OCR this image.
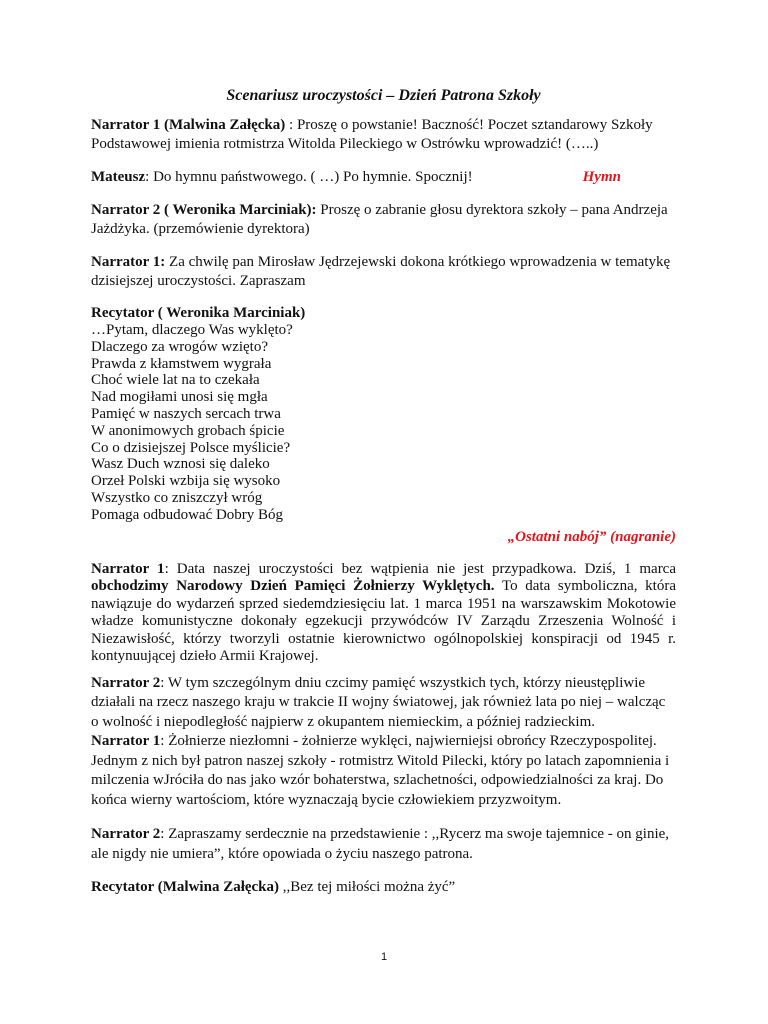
Scenariusz uroczystości – Dzień Patrona Szkoły

Narrator 1 (Malwina Załęcka) : Proszę o powstanie! Baczność! Poczet sztandarowy Szkoły Podstawowej imienia rotmistrza Witolda Pileckiego w Ostrówku wprowadzić! (…..)

Mateusz: Do hymnu państwowego. ( …) Po hymnie. Spocznij!	Hymn

Narrator 2 ( Weronika Marciniak): Proszę o zabranie głosu dyrektora szkoły – pana Andrzeja Jażdżyka. (przemówienie dyrektora)

Narrator 1: Za chwilę pan Mirosław Jędrzejewski dokona krótkiego wprowadzenia w tematykę dzisiejszej uroczystości. Zapraszam

Recytator ( Weronika Marciniak)
…Pytam, dlaczego Was wyklęto?
Dlaczego za wrogów wzięto?
Prawda z kłamstwem wygrała
Choć wiele lat na to czekała
Nad mogiłami unosi się mgła
Pamięć w naszych sercach trwa
W anonimowych grobach śpicie
Co o dzisiejszej Polsce myślicie?
Wasz Duch wznosi się daleko
Orzeł Polski wzbija się wysoko
Wszystko co zniszczył wróg
Pomaga odbudować Dobry Bóg

„Ostatni nabój” (nagranie)

Narrator 1: Data naszej uroczystości bez wątpienia nie jest przypadkowa. Dziś, 1 marca obchodzimy Narodowy Dzień Pamięci Żołnierzy Wyklętych. To data symboliczna, która nawiązuje do wydarzeń sprzed siedemdziesięciu lat. 1 marca 1951 na warszawskim Mokotowie władze komunistyczne dokonały egzekucji przywódców IV Zarządu Zrzeszenia Wolność i Niezawisłość, którzy tworzyli ostatnie kierownictwo ogólnopolskiej konspiracji od 1945 r. kontynuującej dzieło Armii Krajowej.

Narrator 2: W tym szczególnym dniu czcimy pamięć wszystkich tych, którzy nieustępliwie działali na rzecz naszego kraju w trakcie II wojny światowej, jak również lata po niej – walcząc o wolność i niepodległość najpierw z okupantem niemieckim, a później radzieckim.

Narrator 1: Żołnierze niezłomni - żołnierze wyklęci, najwierniejsi obrońcy Rzeczypospolitej. Jednym z nich był patron naszej szkoły - rotmistrz Witold Pilecki, który po latach zapomnienia i milczenia wJróciła do nas jako wzór bohaterstwa, szlachetności, odpowiedzialności za kraj. Do końca wierny wartościom, które wyznaczają bycie człowiekiem przyzwoitym.

Narrator 2: Zapraszamy serdecznie na przedstawienie : ,,Rycerz ma swoje tajemnice - on ginie, ale nigdy nie umiera”, które opowiada o życiu naszego patrona.

Recytator (Malwina Załęcka) ,,Bez tej miłości można żyć”

1
